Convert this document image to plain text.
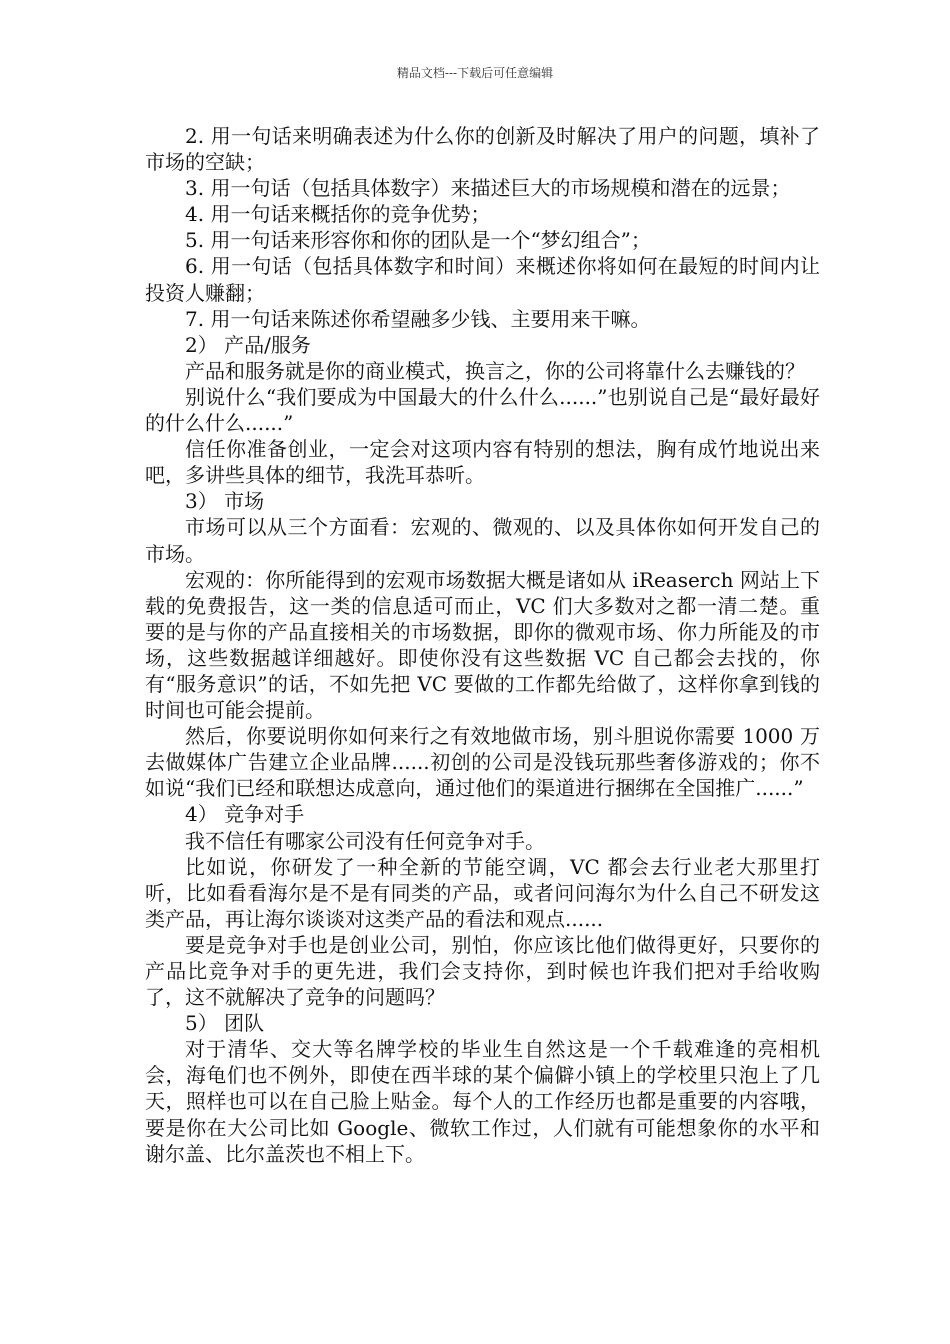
精品文档---下载后可任意编辑

2. 用一句话来明确表述为什么你的创新及时解决了用户的问题，填补了市场的空缺；

3. 用一句话（包括具体数字）来描述巨大的市场规模和潜在的远景；

4. 用一句话来概括你的竞争优势；

5. 用一句话来形容你和你的团队是一个“梦幻组合”；

6. 用一句话（包括具体数字和时间）来概述你将如何在最短的时间内让投资人赚翻；

7. 用一句话来陈述你希望融多少钱、主要用来干嘛。

2） 产品/服务

产品和服务就是你的商业模式，换言之，你的公司将靠什么去赚钱的？

别说什么“我们要成为中国最大的什么什么......”也别说自己是“最好最好的什么什么......”

信任你准备创业，一定会对这项内容有特别的想法，胸有成竹地说出来吧，多讲些具体的细节，我洗耳恭听。

3） 市场

市场可以从三个方面看：宏观的、微观的、以及具体你如何开发自己的市场。

宏观的：你所能得到的宏观市场数据大概是诸如从 iReaserch 网站上下载的免费报告，这一类的信息适可而止，VC 们大多数对之都一清二楚。重要的是与你的产品直接相关的市场数据，即你的微观市场、你力所能及的市场，这些数据越详细越好。即使你没有这些数据 VC 自己都会去找的，你有“服务意识”的话，不如先把 VC 要做的工作都先给做了，这样你拿到钱的时间也可能会提前。

然后，你要说明你如何来行之有效地做市场，别斗胆说你需要 1000 万去做媒体广告建立企业品牌......初创的公司是没钱玩那些奢侈游戏的；你不如说“我们已经和联想达成意向，通过他们的渠道进行捆绑在全国推广......”

4） 竞争对手

我不信任有哪家公司没有任何竞争对手。

比如说，你研发了一种全新的节能空调，VC 都会去行业老大那里打听，比如看看海尔是不是有同类的产品，或者问问海尔为什么自己不研发这类产品，再让海尔谈谈对这类产品的看法和观点......

要是竞争对手也是创业公司，别怕，你应该比他们做得更好，只要你的产品比竞争对手的更先进，我们会支持你，到时候也许我们把对手给收购了，这不就解决了竞争的问题吗？

5） 团队

对于清华、交大等名牌学校的毕业生自然这是一个千载难逢的亮相机会，海龟们也不例外，即使在西半球的某个偏僻小镇上的学校里只泡上了几天，照样也可以在自己脸上贴金。每个人的工作经历也都是重要的内容哦，要是你在大公司比如 Google、微软工作过，人们就有可能想象你的水平和谢尔盖、比尔盖茨也不相上下。
